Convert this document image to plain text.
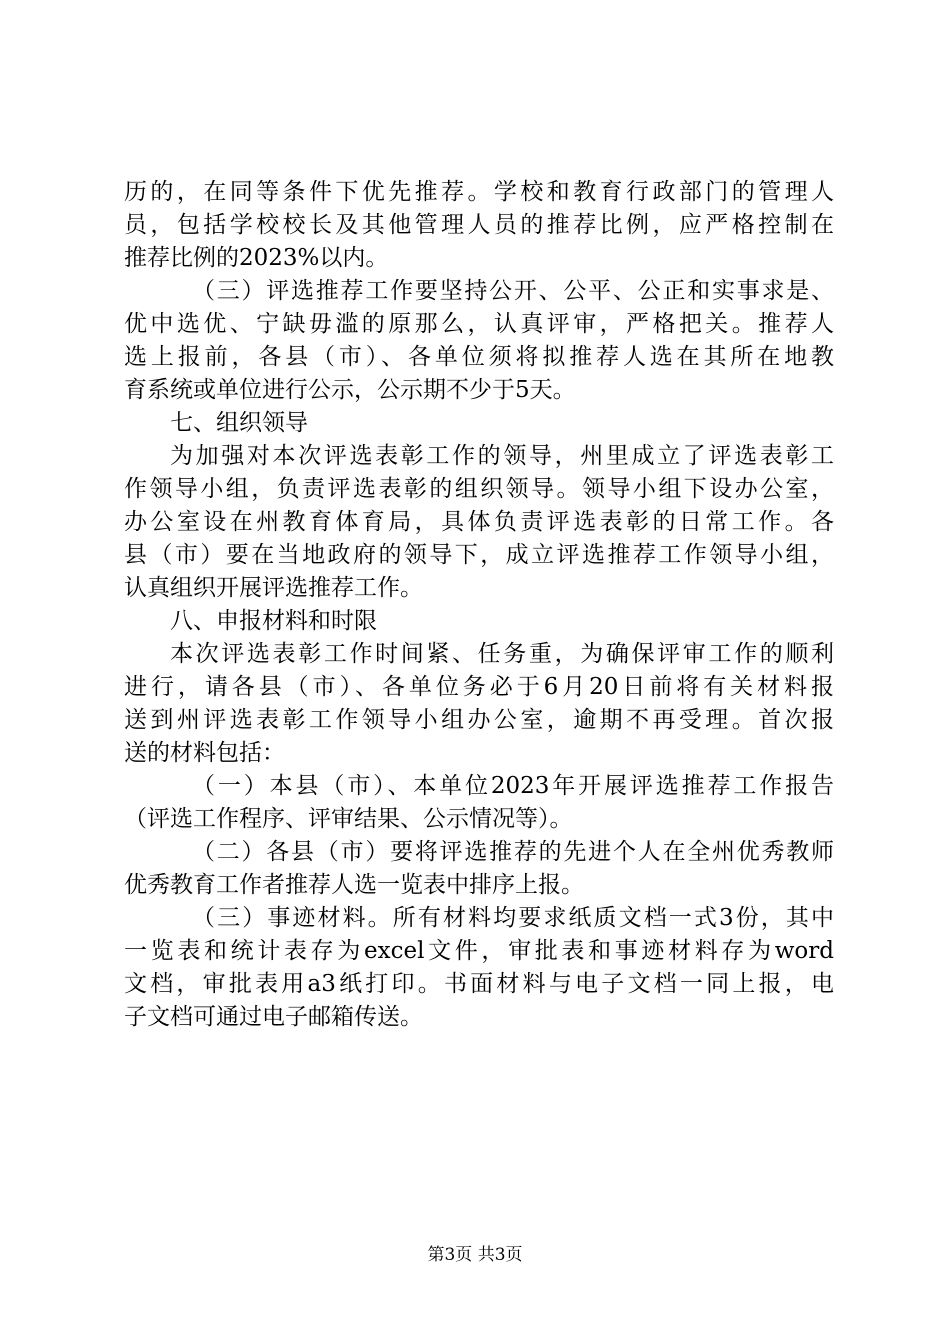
历的，在同等条件下优先推荐。学校和教育行政部门的管理人
员，包括学校校长及其他管理人员的推荐比例，应严格控制在
推荐比例的2023%以内。
（三）评选推荐工作要坚持公开、公平、公正和实事求是、
优中选优、宁缺毋滥的原那么，认真评审，严格把关。推荐人
选上报前，各县（市）、各单位须将拟推荐人选在其所在地教
育系统或单位进行公示，公示期不少于5天。
七、组织领导
为加强对本次评选表彰工作的领导，州里成立了评选表彰工
作领导小组，负责评选表彰的组织领导。领导小组下设办公室，
办公室设在州教育体育局，具体负责评选表彰的日常工作。各
县（市）要在当地政府的领导下，成立评选推荐工作领导小组，
认真组织开展评选推荐工作。
八、申报材料和时限
本次评选表彰工作时间紧、任务重，为确保评审工作的顺利
进行，请各县（市）、各单位务必于6月20日前将有关材料报
送到州评选表彰工作领导小组办公室，逾期不再受理。首次报
送的材料包括：
（一）本县（市）、本单位2023年开展评选推荐工作报告
（评选工作程序、评审结果、公示情况等）。
（二）各县（市）要将评选推荐的先进个人在全州优秀教师
优秀教育工作者推荐人选一览表中排序上报。
（三）事迹材料。所有材料均要求纸质文档一式3份，其中
一览表和统计表存为excel文件，审批表和事迹材料存为word
文档，审批表用a3纸打印。书面材料与电子文档一同上报，电
子文档可通过电子邮箱传送。
第3页 共3页
